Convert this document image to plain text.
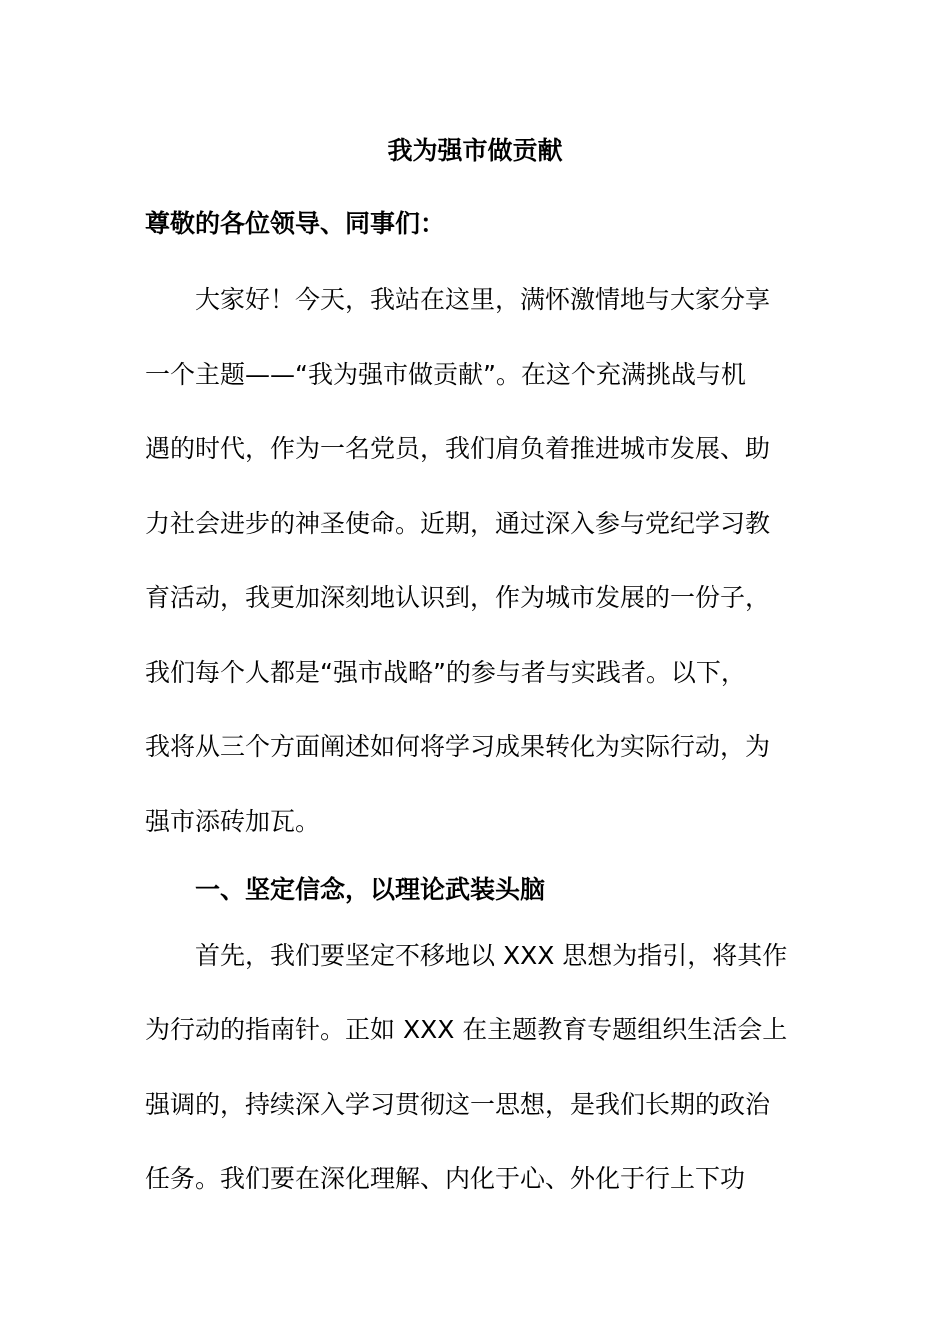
我为强市做贡献
尊敬的各位领导、同事们：
大家好！今天，我站在这里，满怀激情地与大家分享
一个主题——“我为强市做贡献”。在这个充满挑战与机
遇的时代，作为一名党员，我们肩负着推进城市发展、助
力社会进步的神圣使命。近期，通过深入参与党纪学习教
育活动，我更加深刻地认识到，作为城市发展的一份子，
我们每个人都是“强市战略”的参与者与实践者。以下，
我将从三个方面阐述如何将学习成果转化为实际行动，为
强市添砖加瓦。
一、坚定信念，以理论武装头脑
首先，我们要坚定不移地以 XXX 思想为指引，将其作
为行动的指南针。正如 XXX 在主题教育专题组织生活会上
强调的，持续深入学习贯彻这一思想，是我们长期的政治
任务。我们要在深化理解、内化于心、外化于行上下功
